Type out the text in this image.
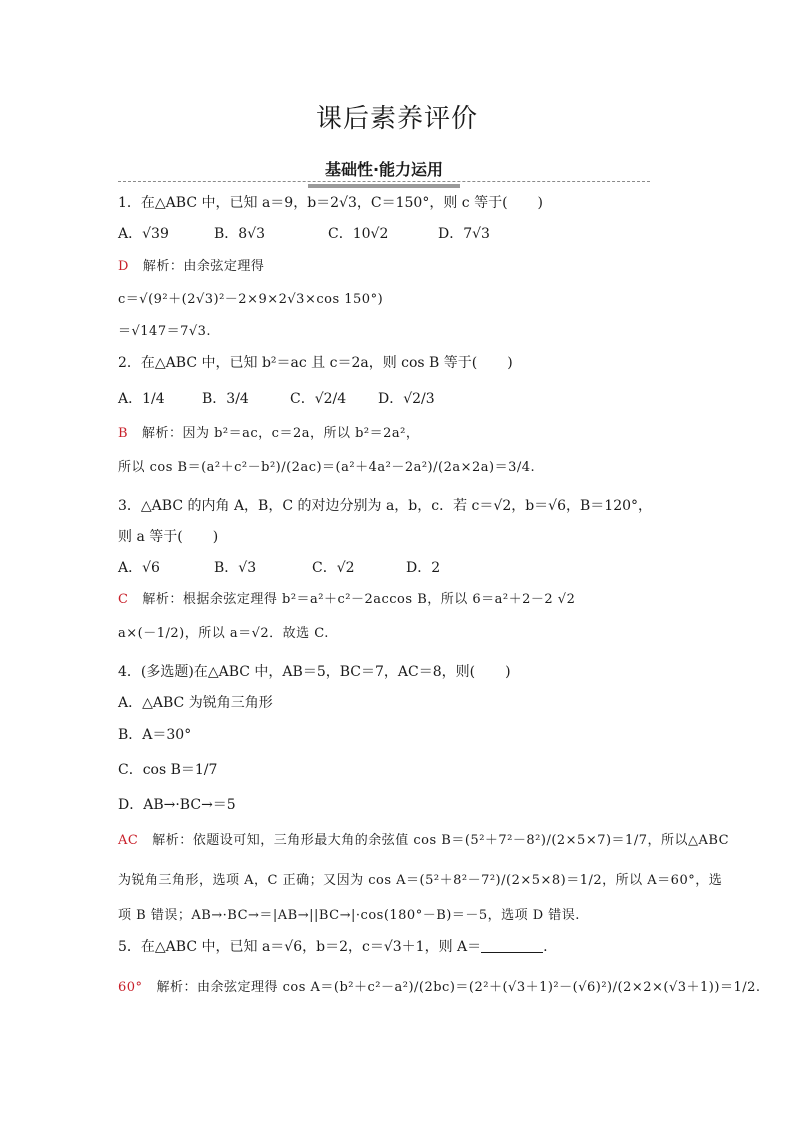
课后素养评价
基础性·能力运用
1．在△ABC 中，已知 a＝9，b＝2√3，C＝150°，则 c 等于( )
A．√39	B．8√3	C．10√2	D．7√3
D 解析：由余弦定理得
c＝√(9²＋(2√3)²－2×9×2√3×cos 150°)
＝√147＝7√3.
2．在△ABC 中，已知 b²＝ac 且 c＝2a，则 cos B 等于( )
A．1/4	B．3/4	C．√2/4 D．√2/3
B 解析：因为 b²＝ac，c＝2a，所以 b²＝2a²，
所以 cos B＝(a²＋c²－b²)/(2ac)＝(a²＋4a²－2a²)/(2a×2a)＝3/4.
3．△ABC 的内角 A，B，C 的对边分别为 a，b，c．若 c＝√2，b＝√6，B＝120°，
则 a 等于( )
A．√6	B．√3	C．√2	D．2
C 解析：根据余弦定理得 b²＝a²＋c²－2accos B，所以 6＝a²＋2－2 √2
a×(－1/2)，所以 a＝√2．故选 C.
4．(多选题)在△ABC 中，AB＝5，BC＝7，AC＝8，则( )
A．△ABC 为锐角三角形
B．A＝30°
C．cos B＝1/7
D．AB→·BC→＝5
AC 解析：依题设可知，三角形最大角的余弦值 cos B＝(5²＋7²－8²)/(2×5×7)＝1/7，所以△ABC
为锐角三角形，选项 A，C 正确；又因为 cos A＝(5²＋8²－7²)/(2×5×8)＝1/2，所以 A＝60°，选
项 B 错误；AB→·BC→＝|AB→||BC→|·cos(180°－B)＝－5，选项 D 错误.
5．在△ABC 中，已知 a＝√6，b＝2，c＝√3＋1，则 A＝	.
60° 解析：由余弦定理得 cos A＝(b²＋c²－a²)/(2bc)＝(2²＋(√3＋1)²－(√6)²)/(2×2×(√3＋1))＝1/2.
